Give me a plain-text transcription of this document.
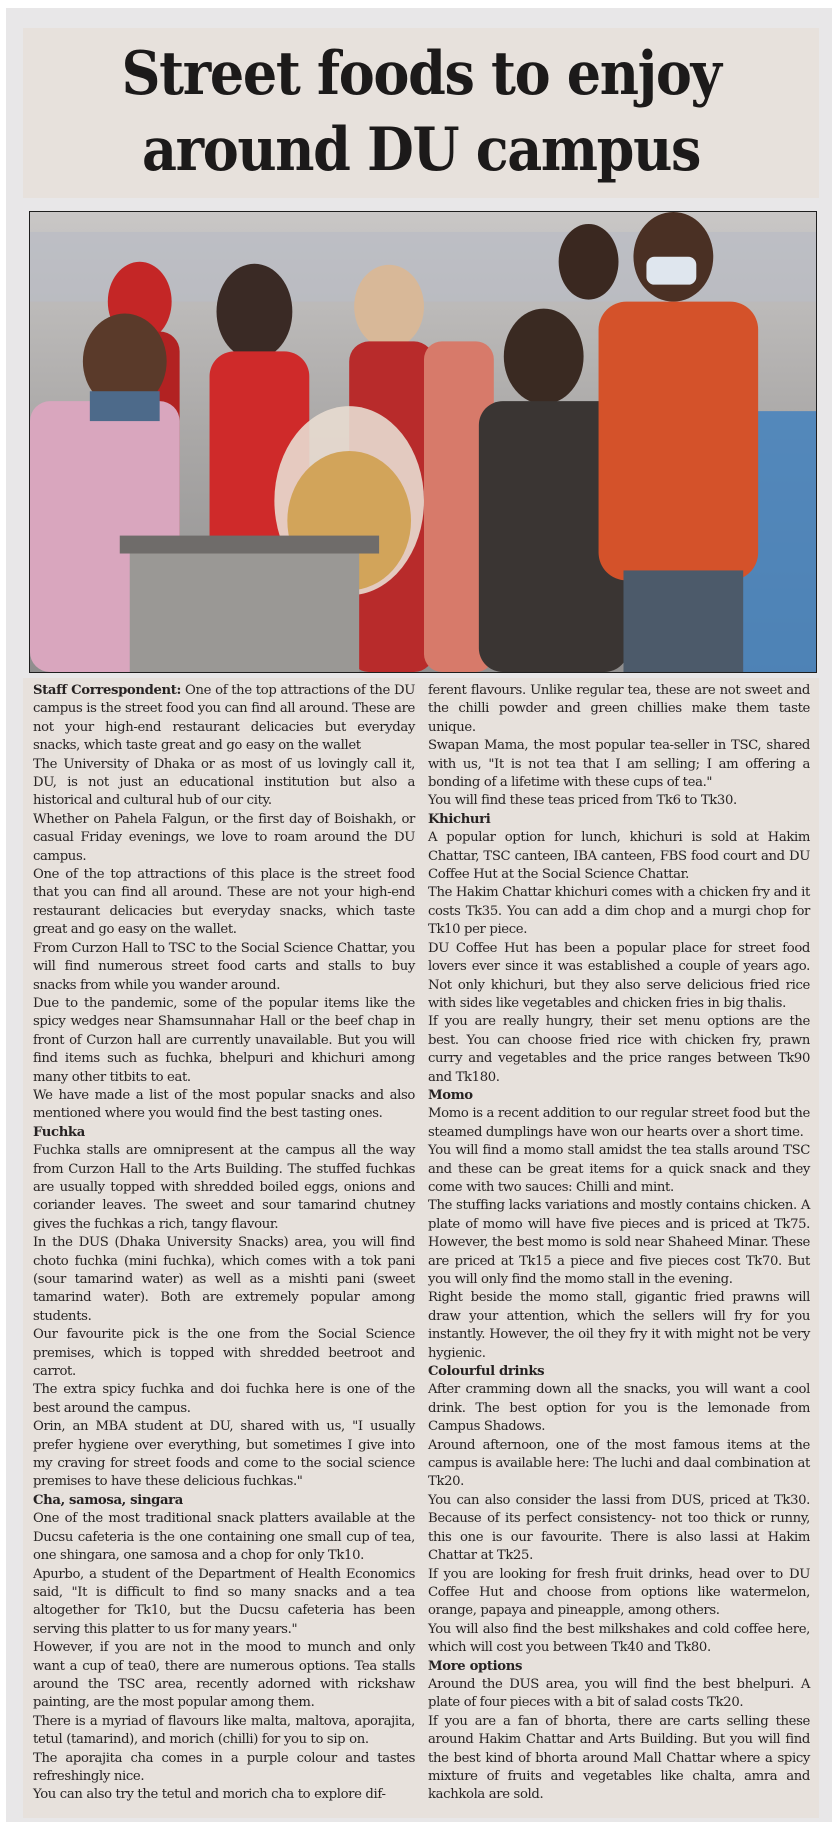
Street foods to enjoy
around DU campus

Staff Correspondent: One of the top attractions of the DU campus is the street food you can find all around. These are not your high-end restaurant delicacies but everyday snacks, which taste great and go easy on the wallet

The University of Dhaka or as most of us lovingly call it, DU, is not just an educational institution but also a historical and cultural hub of our city.

Whether on Pahela Falgun, or the first day of Boishakh, or casual Friday evenings, we love to roam around the DU campus.

One of the top attractions of this place is the street food that you can find all around. These are not your high-end restaurant delicacies but everyday snacks, which taste great and go easy on the wallet.

From Curzon Hall to TSC to the Social Science Chattar, you will find numerous street food carts and stalls to buy snacks from while you wander around.

Due to the pandemic, some of the popular items like the spicy wedges near Shamsunnahar Hall or the beef chap in front of Curzon hall are currently unavailable. But you will find items such as fuchka, bhelpuri and khichuri among many other titbits to eat.

We have made a list of the most popular snacks and also mentioned where you would find the best tasting ones.

Fuchka

Fuchka stalls are omnipresent at the campus all the way from Curzon Hall to the Arts Building. The stuffed fuchkas are usually topped with shredded boiled eggs, onions and coriander leaves. The sweet and sour tamarind chutney gives the fuchkas a rich, tangy flavour.

In the DUS (Dhaka University Snacks) area, you will find choto fuchka (mini fuchka), which comes with a tok pani (sour tamarind water) as well as a mishti pani (sweet tamarind water). Both are extremely popular among students.

Our favourite pick is the one from the Social Science premises, which is topped with shredded beetroot and carrot.

The extra spicy fuchka and doi fuchka here is one of the best around the campus.

Orin, an MBA student at DU, shared with us, "I usually prefer hygiene over everything, but sometimes I give into my craving for street foods and come to the social science premises to have these delicious fuchkas."

Cha, samosa, singara

One of the most traditional snack platters available at the Ducsu cafeteria is the one containing one small cup of tea, one shingara, one samosa and a chop for only Tk10.

Apurbo, a student of the Department of Health Economics said, "It is difficult to find so many snacks and a tea altogether for Tk10, but the Ducsu cafeteria has been serving this platter to us for many years."

However, if you are not in the mood to munch and only want a cup of tea0, there are numerous options. Tea stalls around the TSC area, recently adorned with rickshaw painting, are the most popular among them.

There is a myriad of flavours like malta, maltova, aporajita, tetul (tamarind), and morich (chilli) for you to sip on.

The aporajita cha comes in a purple colour and tastes refreshingly nice.

You can also try the tetul and morich cha to explore dif-

ferent flavours. Unlike regular tea, these are not sweet and the chilli powder and green chillies make them taste unique.

Swapan Mama, the most popular tea-seller in TSC, shared with us, "It is not tea that I am selling; I am offering a bonding of a lifetime with these cups of tea."

You will find these teas priced from Tk6 to Tk30.

Khichuri

A popular option for lunch, khichuri is sold at Hakim Chattar, TSC canteen, IBA canteen, FBS food court and DU Coffee Hut at the Social Science Chattar.

The Hakim Chattar khichuri comes with a chicken fry and it costs Tk35. You can add a dim chop and a murgi chop for Tk10 per piece.

DU Coffee Hut has been a popular place for street food lovers ever since it was established a couple of years ago. Not only khichuri, but they also serve delicious fried rice with sides like vegetables and chicken fries in big thalis.

If you are really hungry, their set menu options are the best. You can choose fried rice with chicken fry, prawn curry and vegetables and the price ranges between Tk90 and Tk180.

Momo

Momo is a recent addition to our regular street food but the steamed dumplings have won our hearts over a short time.

You will find a momo stall amidst the tea stalls around TSC and these can be great items for a quick snack and they come with two sauces: Chilli and mint.

The stuffing lacks variations and mostly contains chicken. A plate of momo will have five pieces and is priced at Tk75. However, the best momo is sold near Shaheed Minar. These are priced at Tk15 a piece and five pieces cost Tk70. But you will only find the momo stall in the evening.

Right beside the momo stall, gigantic fried prawns will draw your attention, which the sellers will fry for you instantly. However, the oil they fry it with might not be very hygienic.

Colourful drinks

After cramming down all the snacks, you will want a cool drink. The best option for you is the lemonade from Campus Shadows.

Around afternoon, one of the most famous items at the campus is available here: The luchi and daal combination at Tk20.

You can also consider the lassi from DUS, priced at Tk30. Because of its perfect consistency- not too thick or runny, this one is our favourite. There is also lassi at Hakim Chattar at Tk25.

If you are looking for fresh fruit drinks, head over to DU Coffee Hut and choose from options like watermelon, orange, papaya and pineapple, among others.

You will also find the best milkshakes and cold coffee here, which will cost you between Tk40 and Tk80.

More options

Around the DUS area, you will find the best bhelpuri. A plate of four pieces with a bit of salad costs Tk20.

If you are a fan of bhorta, there are carts selling these around Hakim Chattar and Arts Building. But you will find the best kind of bhorta around Mall Chattar where a spicy mixture of fruits and vegetables like chalta, amra and kachkola are sold.
